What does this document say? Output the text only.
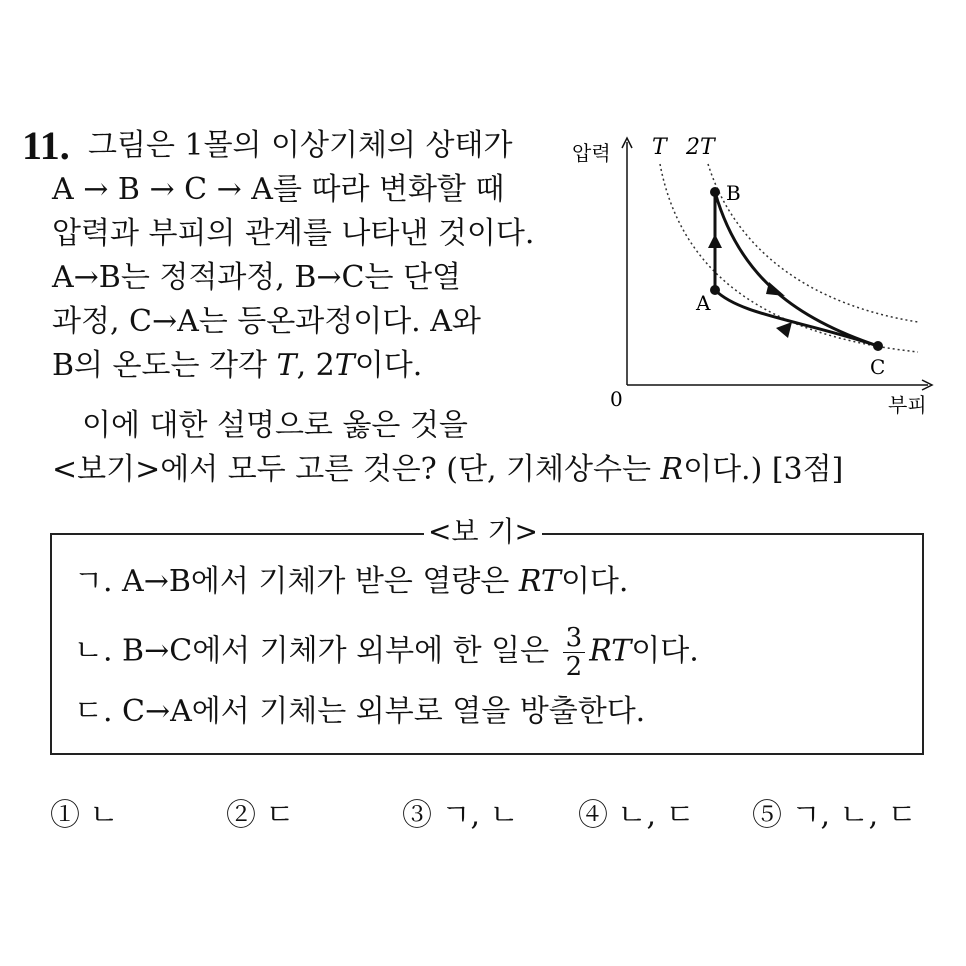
11. 그림은 1몰의 이상기체의 상태가
A → B → C → A를 따라 변화할 때
압력과 부피의 관계를 나타낸 것이다.
A→B는 정적과정, B→C는 단열
과정, C→A는 등온과정이다. A와
B의 온도는 각각 T, 2T이다.
이에 대한 설명으로 옳은 것을
<보기>에서 모두 고른 것은? (단, 기체상수는 R이다.) [3점]
압력
부피
0
T 2T
B
A
C
<보 기>
ㄱ. A→B에서 기체가 받은 열량은 RT이다.
ㄴ. B→C에서 기체가 외부에 한 일은 $\frac{3}{2}$ RT이다.
ㄷ. C→A에서 기체는 외부로 열을 방출한다.
① ㄴ	② ㄷ	③ ㄱ, ㄴ ④ ㄴ, ㄷ ⑤ ㄱ, ㄴ, ㄷ
